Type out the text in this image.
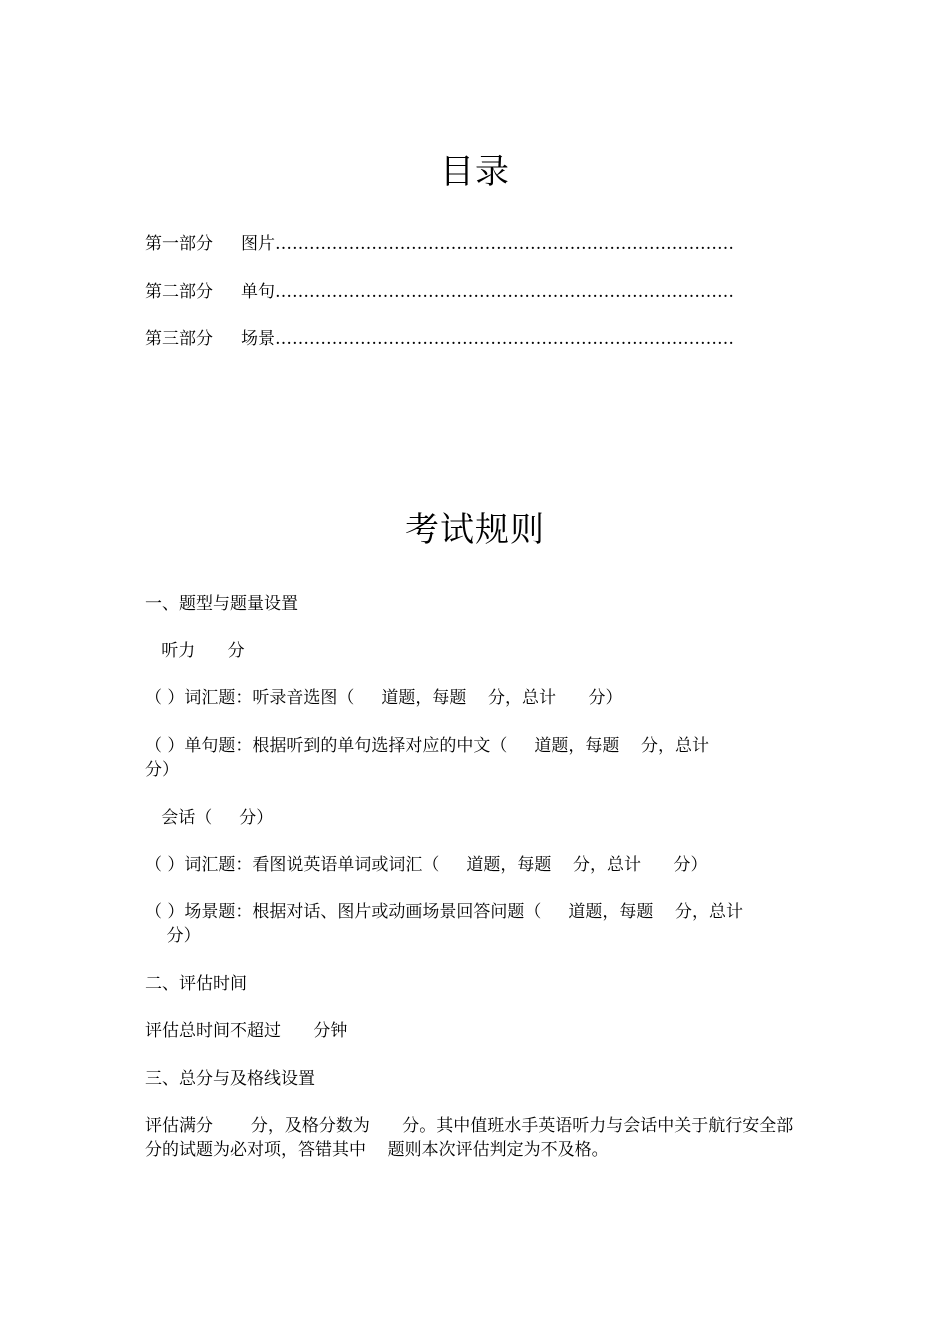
目录
第一部分 图片………………………………………………………………………
第二部分 单句………………………………………………………………………
第三部分 场景………………………………………………………………………
考试规则
一、题型与题量设置
听力      分
（ ）词汇题：听录音选图（     道题，每题    分，总计      分）
（ ）单句题：根据听到的单句选择对应的中文（     道题，每题    分，总计
分）
会话（     分）
（ ）词汇题：看图说英语单词或词汇（     道题，每题    分，总计      分）
（ ）场景题：根据对话、图片或动画场景回答问题（     道题，每题    分，总计
分）
二、评估时间
评估总时间不超过      分钟
三、总分与及格线设置
评估满分       分，及格分数为      分。其中值班水手英语听力与会话中关于航行安全部分的试题为必对项，答错其中    题则本次评估判定为不及格。
